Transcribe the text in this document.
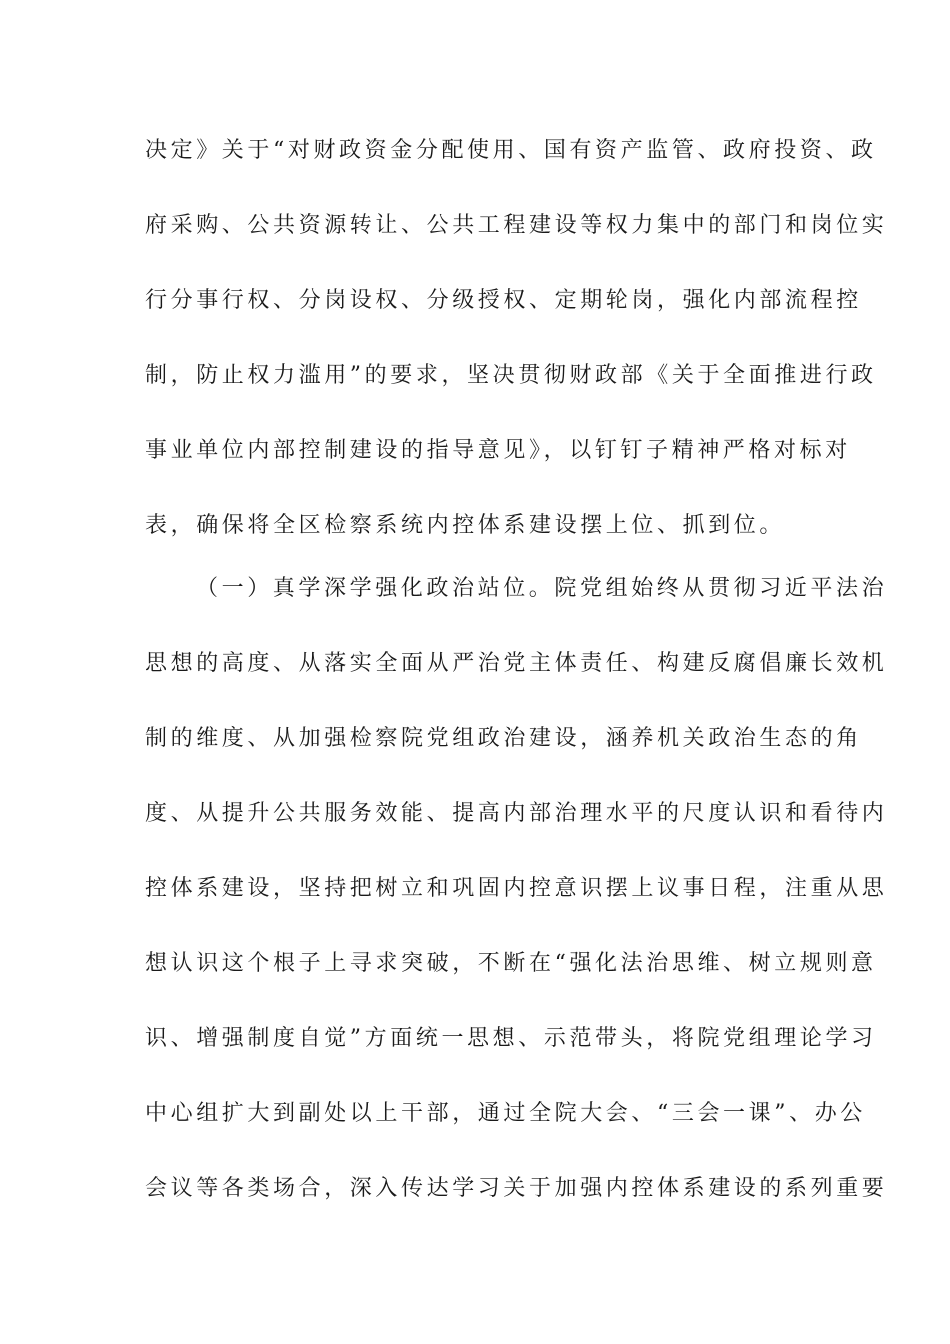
决定》关于“对财政资金分配使用、国有资产监管、政府投资、政
府采购、公共资源转让、公共工程建设等权力集中的部门和岗位实
行分事行权、分岗设权、分级授权、定期轮岗，强化内部流程控
制，防止权力滥用”的要求，坚决贯彻财政部《关于全面推进行政
事业单位内部控制建设的指导意见》，以钉钉子精神严格对标对
表，确保将全区检察系统内控体系建设摆上位、抓到位。
（一）真学深学强化政治站位。院党组始终从贯彻习近平法治
思想的高度、从落实全面从严治党主体责任、构建反腐倡廉长效机
制的维度、从加强检察院党组政治建设，涵养机关政治生态的角
度、从提升公共服务效能、提高内部治理水平的尺度认识和看待内
控体系建设，坚持把树立和巩固内控意识摆上议事日程，注重从思
想认识这个根子上寻求突破，不断在“强化法治思维、树立规则意
识、增强制度自觉”方面统一思想、示范带头，将院党组理论学习
中心组扩大到副处以上干部，通过全院大会、“三会一课”、办公
会议等各类场合，深入传达学习关于加强内控体系建设的系列重要
